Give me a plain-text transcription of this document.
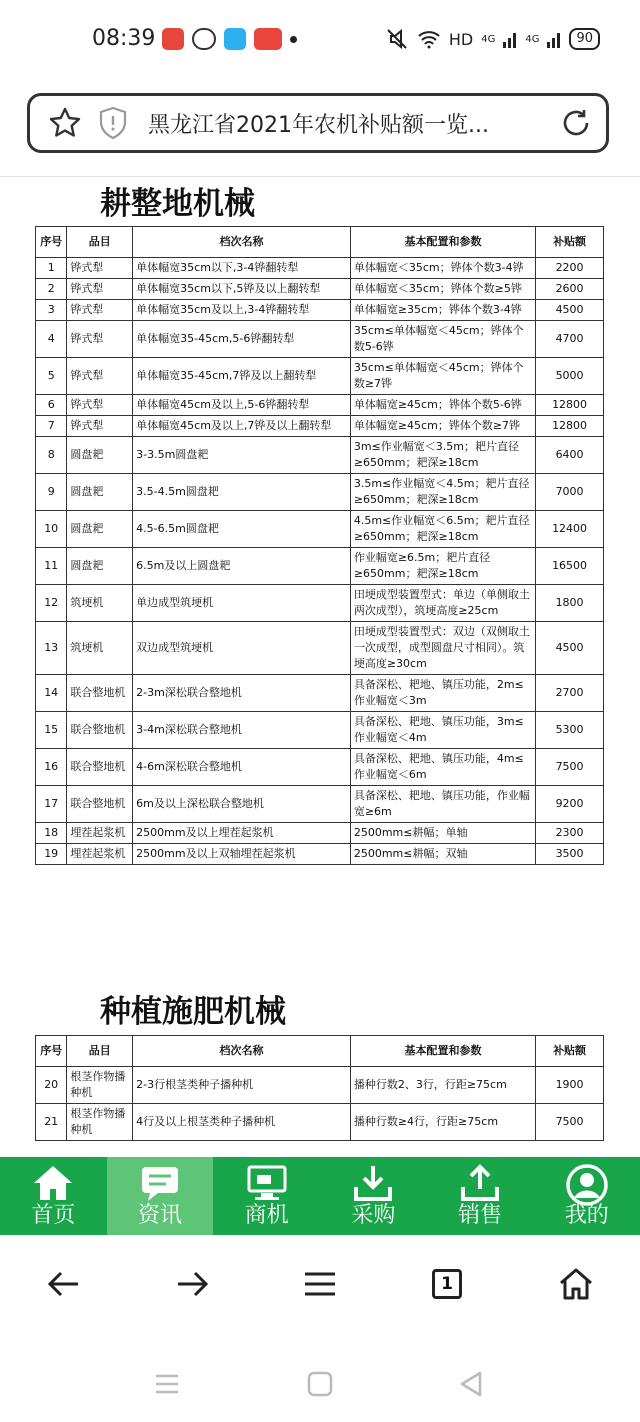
08:39	HD 4G	4G	90
黑龙江省2021年农机补贴额一览...
耕整地机械
序号	品目	档次名称	基本配置和参数	补贴额
1	铧式犁	单体幅宽35cm以下,3-4铧翻转犁	单体幅宽＜35cm；铧体个数3-4铧	2200
2	铧式犁	单体幅宽35cm以下,5铧及以上翻转犁	单体幅宽＜35cm；铧体个数≥5铧	2600
3	铧式犁	单体幅宽35cm及以上,3-4铧翻转犁	单体幅宽≥35cm；铧体个数3-4铧	4500
4	铧式犁	单体幅宽35-45cm,5-6铧翻转犁	35cm≤单体幅宽＜45cm；铧体个数5-6铧	4700
5	铧式犁	单体幅宽35-45cm,7铧及以上翻转犁	35cm≤单体幅宽＜45cm；铧体个数≥7铧	5000
6	铧式犁	单体幅宽45cm及以上,5-6铧翻转犁	单体幅宽≥45cm；铧体个数5-6铧	12800
7	铧式犁	单体幅宽45cm及以上,7铧及以上翻转犁	单体幅宽≥45cm；铧体个数≥7铧	12800
8	圆盘耙	3-3.5m圆盘耙	3m≤作业幅宽＜3.5m；耙片直径≥650mm；耙深≥18cm	6400
9	圆盘耙	3.5-4.5m圆盘耙	3.5m≤作业幅宽＜4.5m；耙片直径≥650mm；耙深≥18cm	7000
10	圆盘耙	4.5-6.5m圆盘耙	4.5m≤作业幅宽＜6.5m；耙片直径≥650mm；耙深≥18cm	12400
11	圆盘耙	6.5m及以上圆盘耙	作业幅宽≥6.5m；耙片直径≥650mm；耙深≥18cm	16500
12	筑埂机	单边成型筑埂机	田埂成型装置型式：单边（单侧取土两次成型），筑埂高度≥25cm	1800
13	筑埂机	双边成型筑埂机	田埂成型装置型式：双边（双侧取土一次成型，成型圆盘尺寸相同）。筑埂高度≥30cm	4500
14	联合整地机	2-3m深松联合整地机	具备深松、耙地、镇压功能，2m≤作业幅宽＜3m	2700
15	联合整地机	3-4m深松联合整地机	具备深松、耙地、镇压功能，3m≤作业幅宽＜4m	5300
16	联合整地机	4-6m深松联合整地机	具备深松、耙地、镇压功能，4m≤作业幅宽＜6m	7500
17	联合整地机	6m及以上深松联合整地机	具备深松、耙地、镇压功能，作业幅宽≥6m	9200
18	埋茬起浆机	2500mm及以上埋茬起浆机	2500mm≤耕幅；单轴	2300
19	埋茬起浆机	2500mm及以上双轴埋茬起浆机	2500mm≤耕幅；双轴	3500
种植施肥机械
序号	品目	档次名称	基本配置和参数	补贴额
20	根茎作物播种机	2-3行根茎类种子播种机	播种行数2、3行，行距≥75cm	1900
21	根茎作物播种机	4行及以上根茎类种子播种机	播种行数≥4行，行距≥75cm	7500
首页	资讯	商机	采购	销售	我的
1
